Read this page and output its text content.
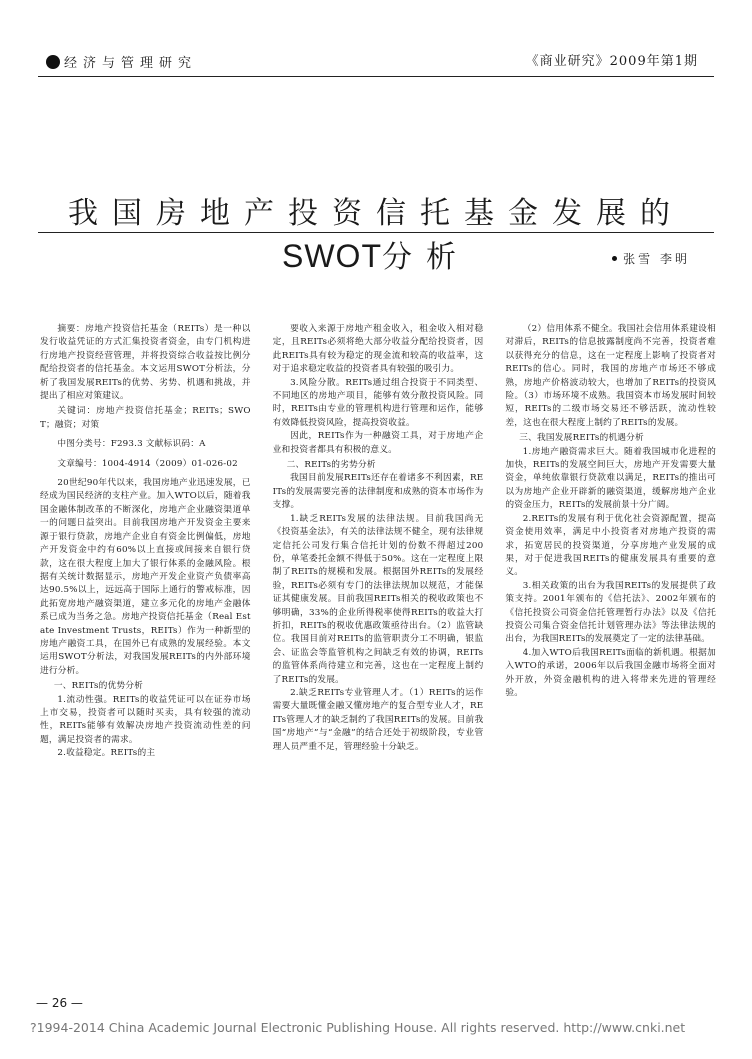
经济与管理研究	《商业研究》2009年第1期
我国房地产投资信托基金发展的SWOT分析	张雪 李明

摘要：房地产投资信托基金（REITs）是一种以发行收益凭证的方式汇集投资者资金，由专门机构进行房地产投资经营管理，并将投资综合收益按比例分配给投资者的信托基金。本文运用SWOT分析法，分析了我国发展REITs的优势、劣势、机遇和挑战，并提出了相应对策建议。

关键词：房地产投资信托基金；REITs；SWOT；融资；对策

中图分类号：F293.3 文献标识码：A

文章编号：1004-4914（2009）01-026-02

20世纪90年代以来，我国房地产业迅速发展，已经成为国民经济的支柱产业。加入WTO以后，随着我国金融体制改革的不断深化，房地产企业融资渠道单一的问题日益突出。目前我国房地产开发资金主要来源于银行贷款，房地产企业自有资金比例偏低，房地产开发资金中约有60%以上直接或间接来自银行贷款，这在很大程度上加大了银行体系的金融风险。根据有关统计数据显示，房地产开发企业资产负债率高达90.5%以上，远远高于国际上通行的警戒标准，因此拓宽房地产融资渠道，建立多元化的房地产金融体系已成为当务之急。房地产投资信托基金（Real Estate Investment Trusts，REITs）作为一种新型的房地产融资工具，在国外已有成熟的发展经验。本文运用SWOT分析法，对我国发展REITs的内外部环境进行分析。

一、REITs的优势分析

1.流动性强。REITs的收益凭证可以在证券市场上市交易，投资者可以随时买卖，具有较强的流动性，REITs能够有效解决房地产投资流动性差的问题，满足投资者的需求。

2.收益稳定。REITs的主

要收入来源于房地产租金收入，租金收入相对稳定，且REITs必须将绝大部分收益分配给投资者，因此REITs具有较为稳定的现金流和较高的收益率，这对于追求稳定收益的投资者具有较强的吸引力。

3.风险分散。REITs通过组合投资于不同类型、不同地区的房地产项目，能够有效分散投资风险。同时，REITs由专业的管理机构进行管理和运作，能够有效降低投资风险，提高投资收益。

因此，REITs作为一种融资工具，对于房地产企业和投资者都具有积极的意义。

二、REITs的劣势分析

我国目前发展REITs还存在着诸多不利因素，REITs的发展需要完善的法律制度和成熟的资本市场作为支撑。

1.缺乏REITs发展的法律法规。目前我国尚无《投资基金法》，有关的法律法规不健全，现有法律规定信托公司发行集合信托计划的份数不得超过200份，单笔委托金额不得低于50%。这在一定程度上限制了REITs的规模和发展。根据国外REITs的发展经验，REITs必须有专门的法律法规加以规范，才能保证其健康发展。目前我国REITs相关的税收政策也不够明确，33%的企业所得税率使得REITs的收益大打折扣，REITs的税收优惠政策亟待出台。（2）监管缺位。我国目前对REITs的监管职责分工不明确，银监会、证监会等监管机构之间缺乏有效的协调，REITs的监管体系尚待建立和完善，这也在一定程度上制约了REITs的发展。

2.缺乏REITs专业管理人才。（1）REITs的运作需要大量既懂金融又懂房地产的复合型专业人才，REITs管理人才的缺乏制约了我国REITs的发展。目前我国“房地产”与“金融”的结合还处于初级阶段，专业管理人员严重不足，管理经验十分缺乏。

（2）信用体系不健全。我国社会信用体系建设相对滞后，REITs的信息披露制度尚不完善，投资者难以获得充分的信息，这在一定程度上影响了投资者对REITs的信心。同时，我国的房地产市场还不够成熟，房地产价格波动较大，也增加了REITs的投资风险。（3）市场环境不成熟。我国资本市场发展时间较短，REITs的二级市场交易还不够活跃，流动性较差，这也在很大程度上制约了REITs的发展。

三、我国发展REITs的机遇分析

1.房地产融资需求巨大。随着我国城市化进程的加快，REITs的发展空间巨大，房地产开发需要大量资金，单纯依靠银行贷款难以满足，REITs的推出可以为房地产企业开辟新的融资渠道，缓解房地产企业的资金压力，REITs的发展前景十分广阔。

2.REITs的发展有利于优化社会资源配置，提高资金使用效率，满足中小投资者对房地产投资的需求，拓宽居民的投资渠道，分享房地产业发展的成果，对于促进我国REITs的健康发展具有重要的意义。

3.相关政策的出台为我国REITs的发展提供了政策支持。2001年颁布的《信托法》、2002年颁布的《信托投资公司资金信托管理暂行办法》以及《信托投资公司集合资金信托计划管理办法》等法律法规的出台，为我国REITs的发展奠定了一定的法律基础。

4.加入WTO后我国REITs面临的新机遇。根据加入WTO的承诺，2006年以后我国金融市场将全面对外开放，外资金融机构的进入将带来先进的管理经验。

— 26 —
?1994-2014 China Academic Journal Electronic Publishing House. All rights reserved. http://www.cnki.net
